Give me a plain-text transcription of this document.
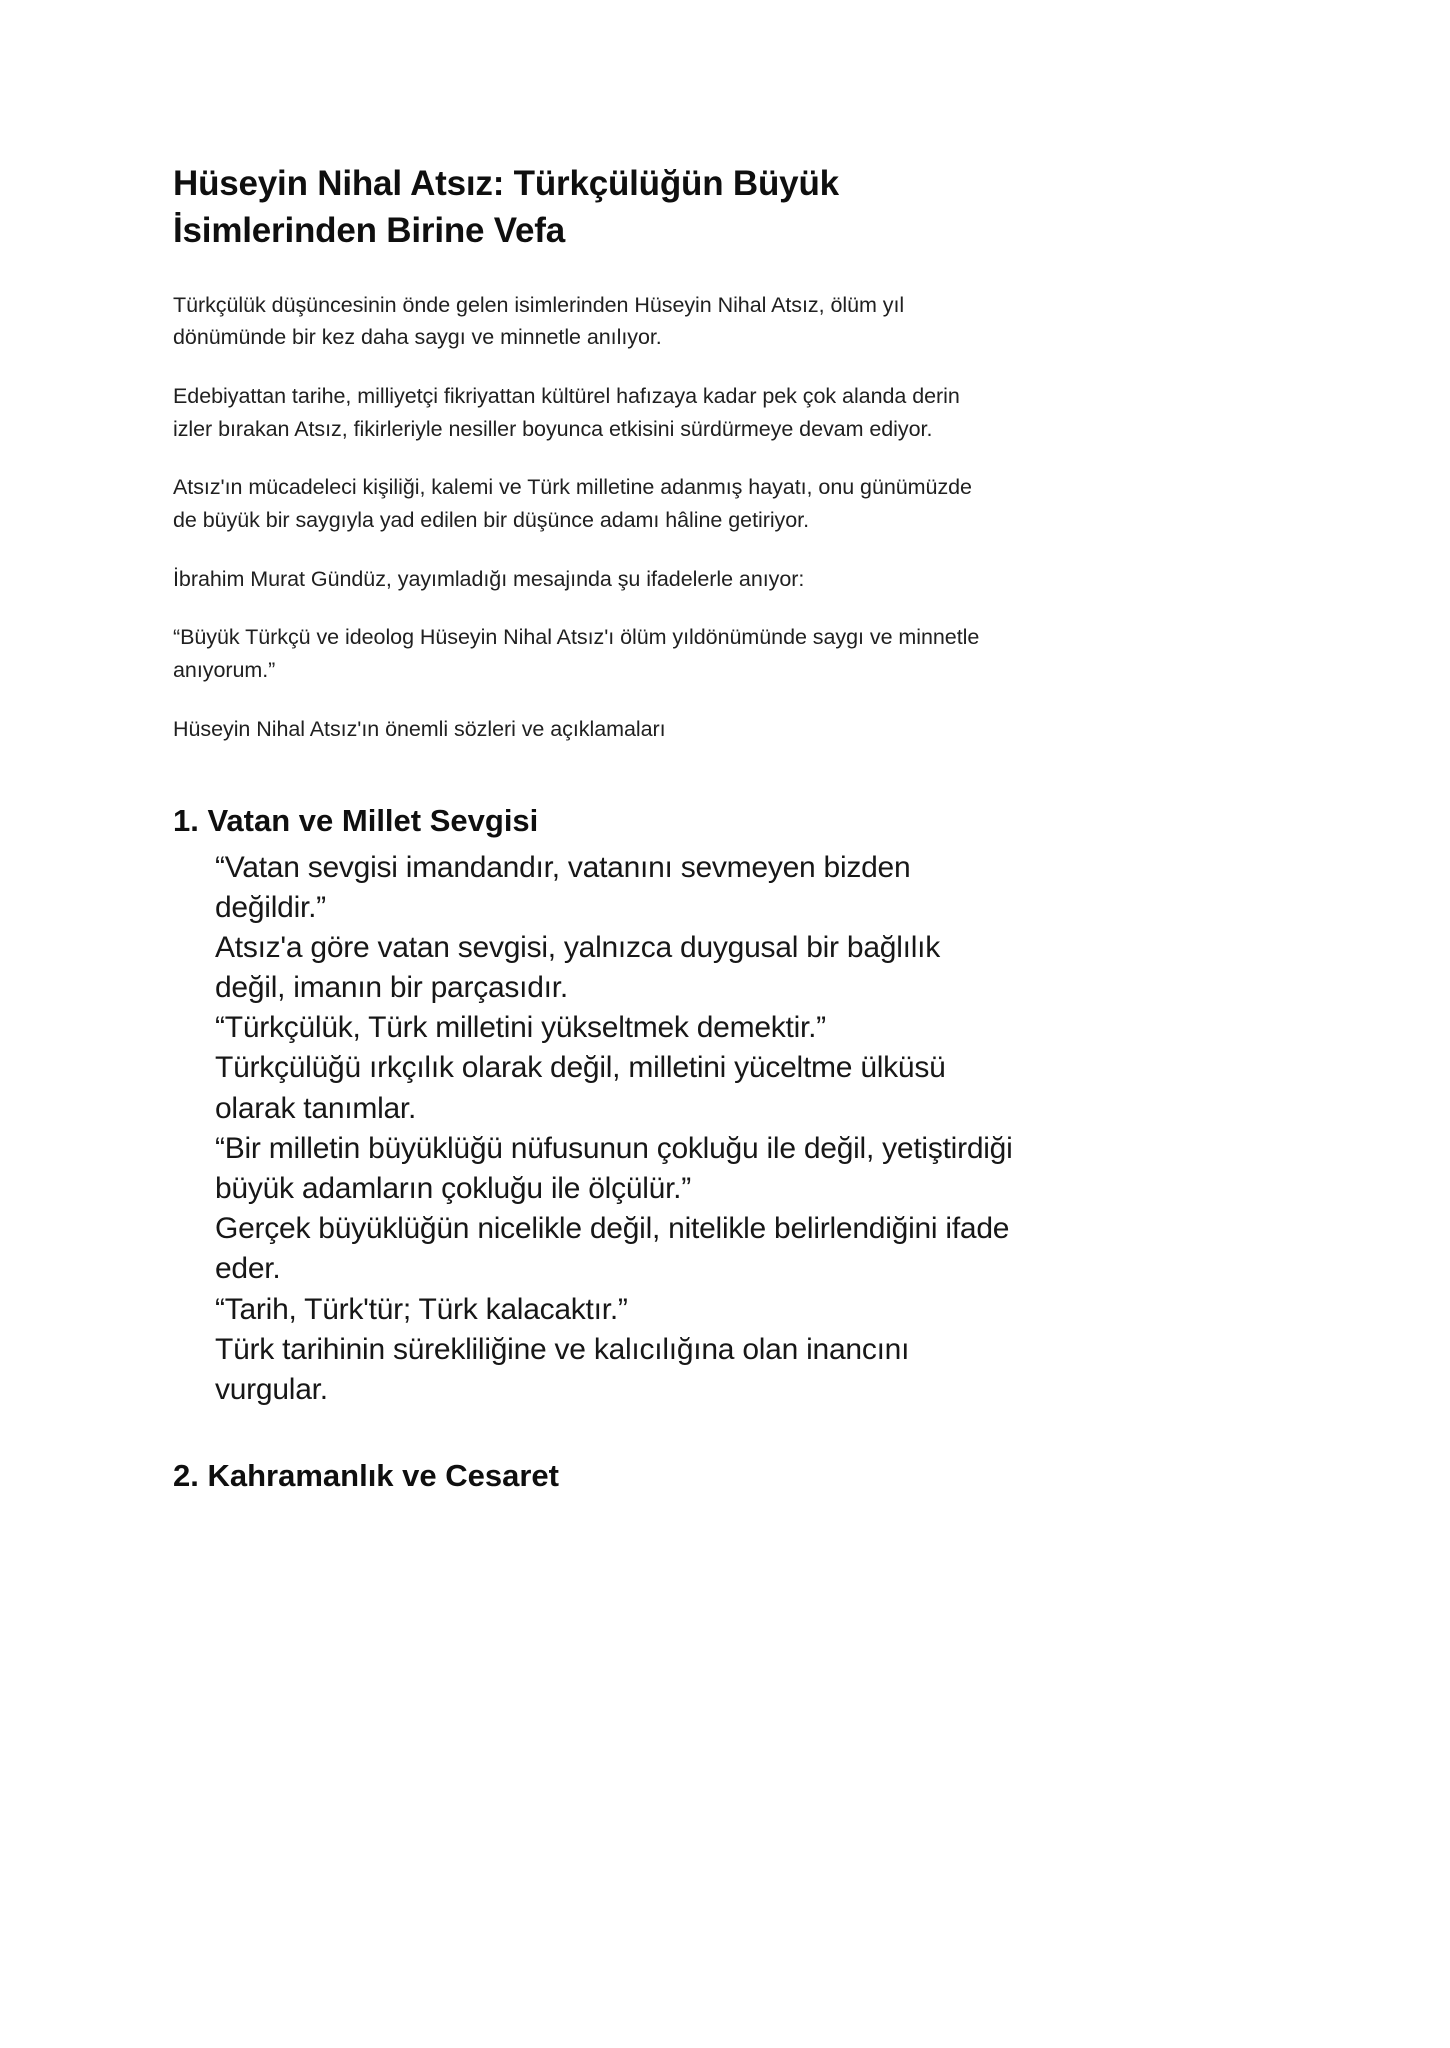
Hüseyin Nihal Atsız: Türkçülüğün Büyük İsimlerinden Birine Vefa

Türkçülük düşüncesinin önde gelen isimlerinden Hüseyin Nihal Atsız, ölüm yıl dönümünde bir kez daha saygı ve minnetle anılıyor.

Edebiyattan tarihe, milliyetçi fikriyattan kültürel hafızaya kadar pek çok alanda derin izler bırakan Atsız, fikirleriyle nesiller boyunca etkisini sürdürmeye devam ediyor.

Atsız'ın mücadeleci kişiliği, kalemi ve Türk milletine adanmış hayatı, onu günümüzde de büyük bir saygıyla yad edilen bir düşünce adamı hâline getiriyor.

İbrahim Murat Gündüz, yayımladığı mesajında şu ifadelerle anıyor:

“Büyük Türkçü ve ideolog Hüseyin Nihal Atsız'ı ölüm yıldönümünde saygı ve minnetle anıyorum.”

Hüseyin Nihal Atsız'ın önemli sözleri ve açıklamaları

1. Vatan ve Millet Sevgisi
“Vatan sevgisi imandandır, vatanını sevmeyen bizden değildir.”
Atsız'a göre vatan sevgisi, yalnızca duygusal bir bağlılık değil, imanın bir parçasıdır.
“Türkçülük, Türk milletini yükseltmek demektir.”
Türkçülüğü ırkçılık olarak değil, milletini yüceltme ülküsü olarak tanımlar.
“Bir milletin büyüklüğü nüfusunun çokluğu ile değil, yetiştirdiği büyük adamların çokluğu ile ölçülür.”
Gerçek büyüklüğün nicelikle değil, nitelikle belirlendiğini ifade eder.
“Tarih, Türk'tür; Türk kalacaktır.”
Türk tarihinin sürekliliğine ve kalıcılığına olan inancını vurgular.
2. Kahramanlık ve Cesaret
